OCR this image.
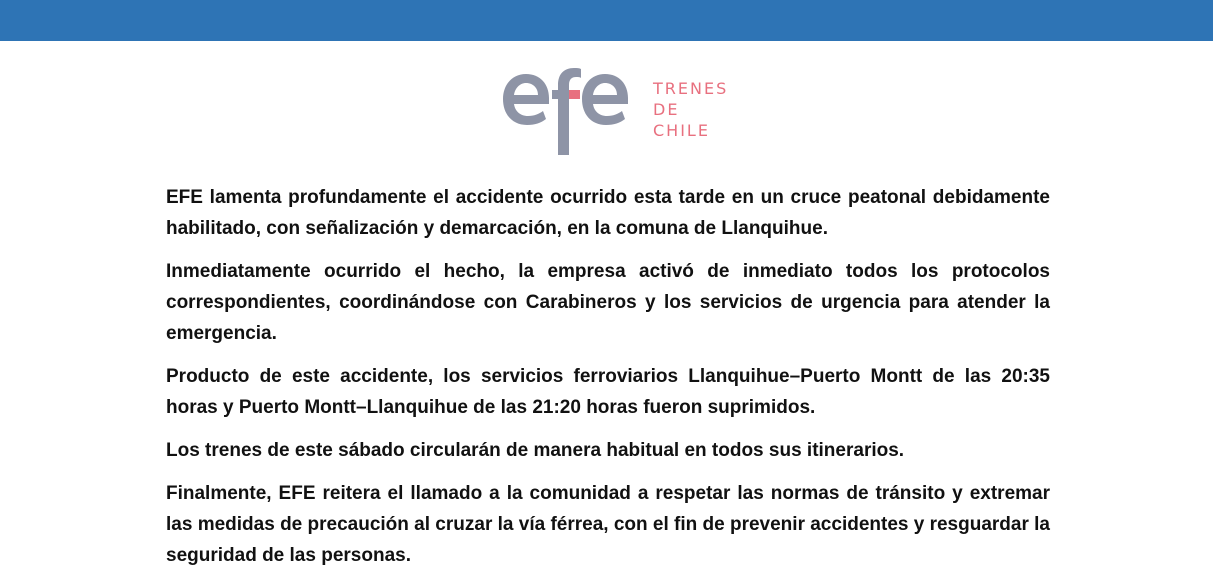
TRENES
DE
CHILE

EFE lamenta profundamente el accidente ocurrido esta tarde en un cruce peatonal debidamente habilitado, con señalización y demarcación, en la comuna de Llanquihue.

Inmediatamente ocurrido el hecho, la empresa activó de inmediato todos los protocolos correspondientes, coordinándose con Carabineros y los servicios de urgencia para atender la emergencia.

Producto de este accidente, los servicios ferroviarios Llanquihue–Puerto Montt de las 20:35 horas y Puerto Montt–Llanquihue de las 21:20 horas fueron suprimidos.

Los trenes de este sábado circularán de manera habitual en todos sus itinerarios.

Finalmente, EFE reitera el llamado a la comunidad a respetar las normas de tránsito y extremar las medidas de precaución al cruzar la vía férrea, con el fin de prevenir accidentes y resguardar la seguridad de las personas.
